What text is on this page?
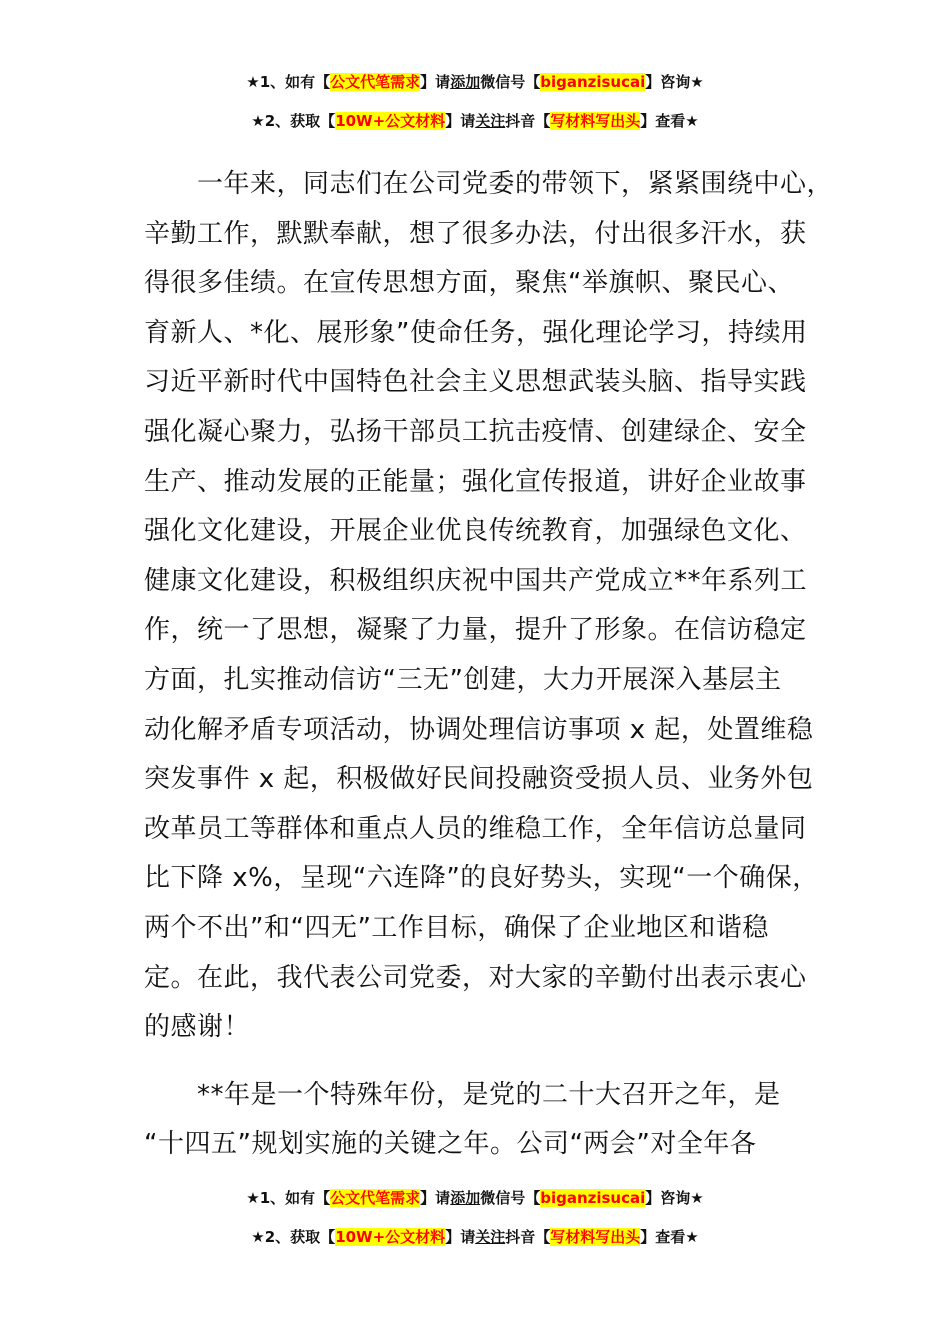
★1、如有【公文代笔需求】请添加微信号【biganzisucai】咨询★
★2、获取【10W+公文材料】请关注抖音【写材料写出头】查看★
　　一年来，同志们在公司党委的带领下，紧紧围绕中心，
辛勤工作，默默奉献，想了很多办法，付出很多汗水，获
得很多佳绩。在宣传思想方面，聚焦“举旗帜、聚民心、
育新人、*化、展形象”使命任务，强化理论学习，持续用
习近平新时代中国特色社会主义思想武装头脑、指导实践
强化凝心聚力，弘扬干部员工抗击疫情、创建绿企、安全
生产、推动发展的正能量；强化宣传报道，讲好企业故事
强化文化建设，开展企业优良传统教育，加强绿色文化、
健康文化建设，积极组织庆祝中国共产党成立**年系列工
作，统一了思想，凝聚了力量，提升了形象。在信访稳定
方面，扎实推动信访“三无”创建，大力开展深入基层主
动化解矛盾专项活动，协调处理信访事项 x 起，处置维稳
突发事件 x 起，积极做好民间投融资受损人员、业务外包
改革员工等群体和重点人员的维稳工作，全年信访总量同
比下降 x%，呈现“六连降”的良好势头，实现“一个确保，
两个不出”和“四无”工作目标，确保了企业地区和谐稳
定。在此，我代表公司党委，对大家的辛勤付出表示衷心
的感谢！
　　**年是一个特殊年份，是党的二十大召开之年，是
“十四五”规划实施的关键之年。公司“两会”对全年各
★1、如有【公文代笔需求】请添加微信号【biganzisucai】咨询★
★2、获取【10W+公文材料】请关注抖音【写材料写出头】查看★
